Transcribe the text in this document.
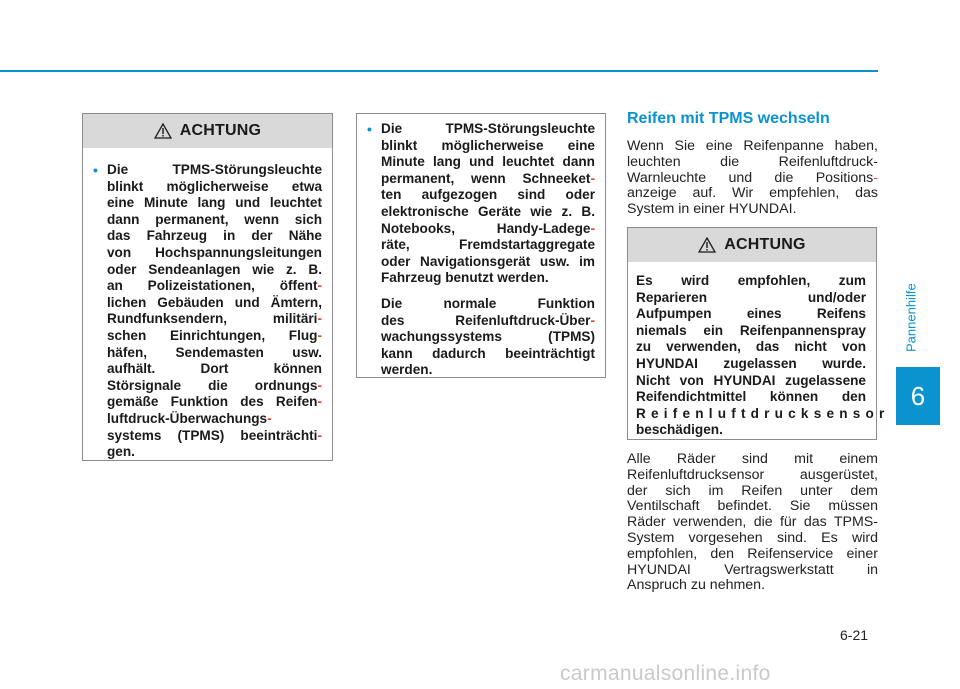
ACHTUNG
• Die TPMS-Störungsleuchte
blinkt möglicherweise etwa
eine Minute lang und leuchtet
dann permanent, wenn sich
das Fahrzeug in der Nähe
von Hochspannungsleitungen
oder Sendeanlagen wie z. B.
an Polizeistationen, öffent-
lichen Gebäuden und Ämtern,
Rundfunksendern, militäri-
schen Einrichtungen, Flug-
häfen, Sendemasten usw.
aufhält. Dort können
Störsignale die ordnungs-
gemäße Funktion des Reifen-
luftdruck-Überwachungs-
systems (TPMS) beeinträchti-
gen.
• Die TPMS-Störungsleuchte
blinkt möglicherweise eine
Minute lang und leuchtet dann
permanent, wenn Schneeket-
ten aufgezogen sind oder
elektronische Geräte wie z. B.
Notebooks, Handy-Ladege-
räte, Fremdstartaggregate
oder Navigationsgerät usw. im
Fahrzeug benutzt werden.
Die normale Funktion
des Reifenluftdruck-Über-
wachungssystems (TPMS)
kann dadurch beeinträchtigt
werden.
Reifen mit TPMS wechseln
Wenn Sie eine Reifenpanne haben,
leuchten die Reifenluftdruck-
Warnleuchte und die Positions-
anzeige auf. Wir empfehlen, das
System in einer HYUNDAI.
ACHTUNG
Es wird empfohlen, zum
Reparieren und/oder
Aufpumpen eines Reifens
niemals ein Reifenpannenspray
zu verwenden, das nicht von
HYUNDAI zugelassen wurde.
Nicht von HYUNDAI zugelassene
Reifendichtmittel können den
Reifenluftdrucksensor
beschädigen.
Alle Räder sind mit einem
Reifenluftdrucksensor ausgerüstet,
der sich im Reifen unter dem
Ventilschaft befindet. Sie müssen
Räder verwenden, die für das TPMS-
System vorgesehen sind. Es wird
empfohlen, den Reifenservice einer
HYUNDAI Vertragswerkstatt in
Anspruch zu nehmen.
Pannenhilfe
6
6-21
carmanualsonline.info
